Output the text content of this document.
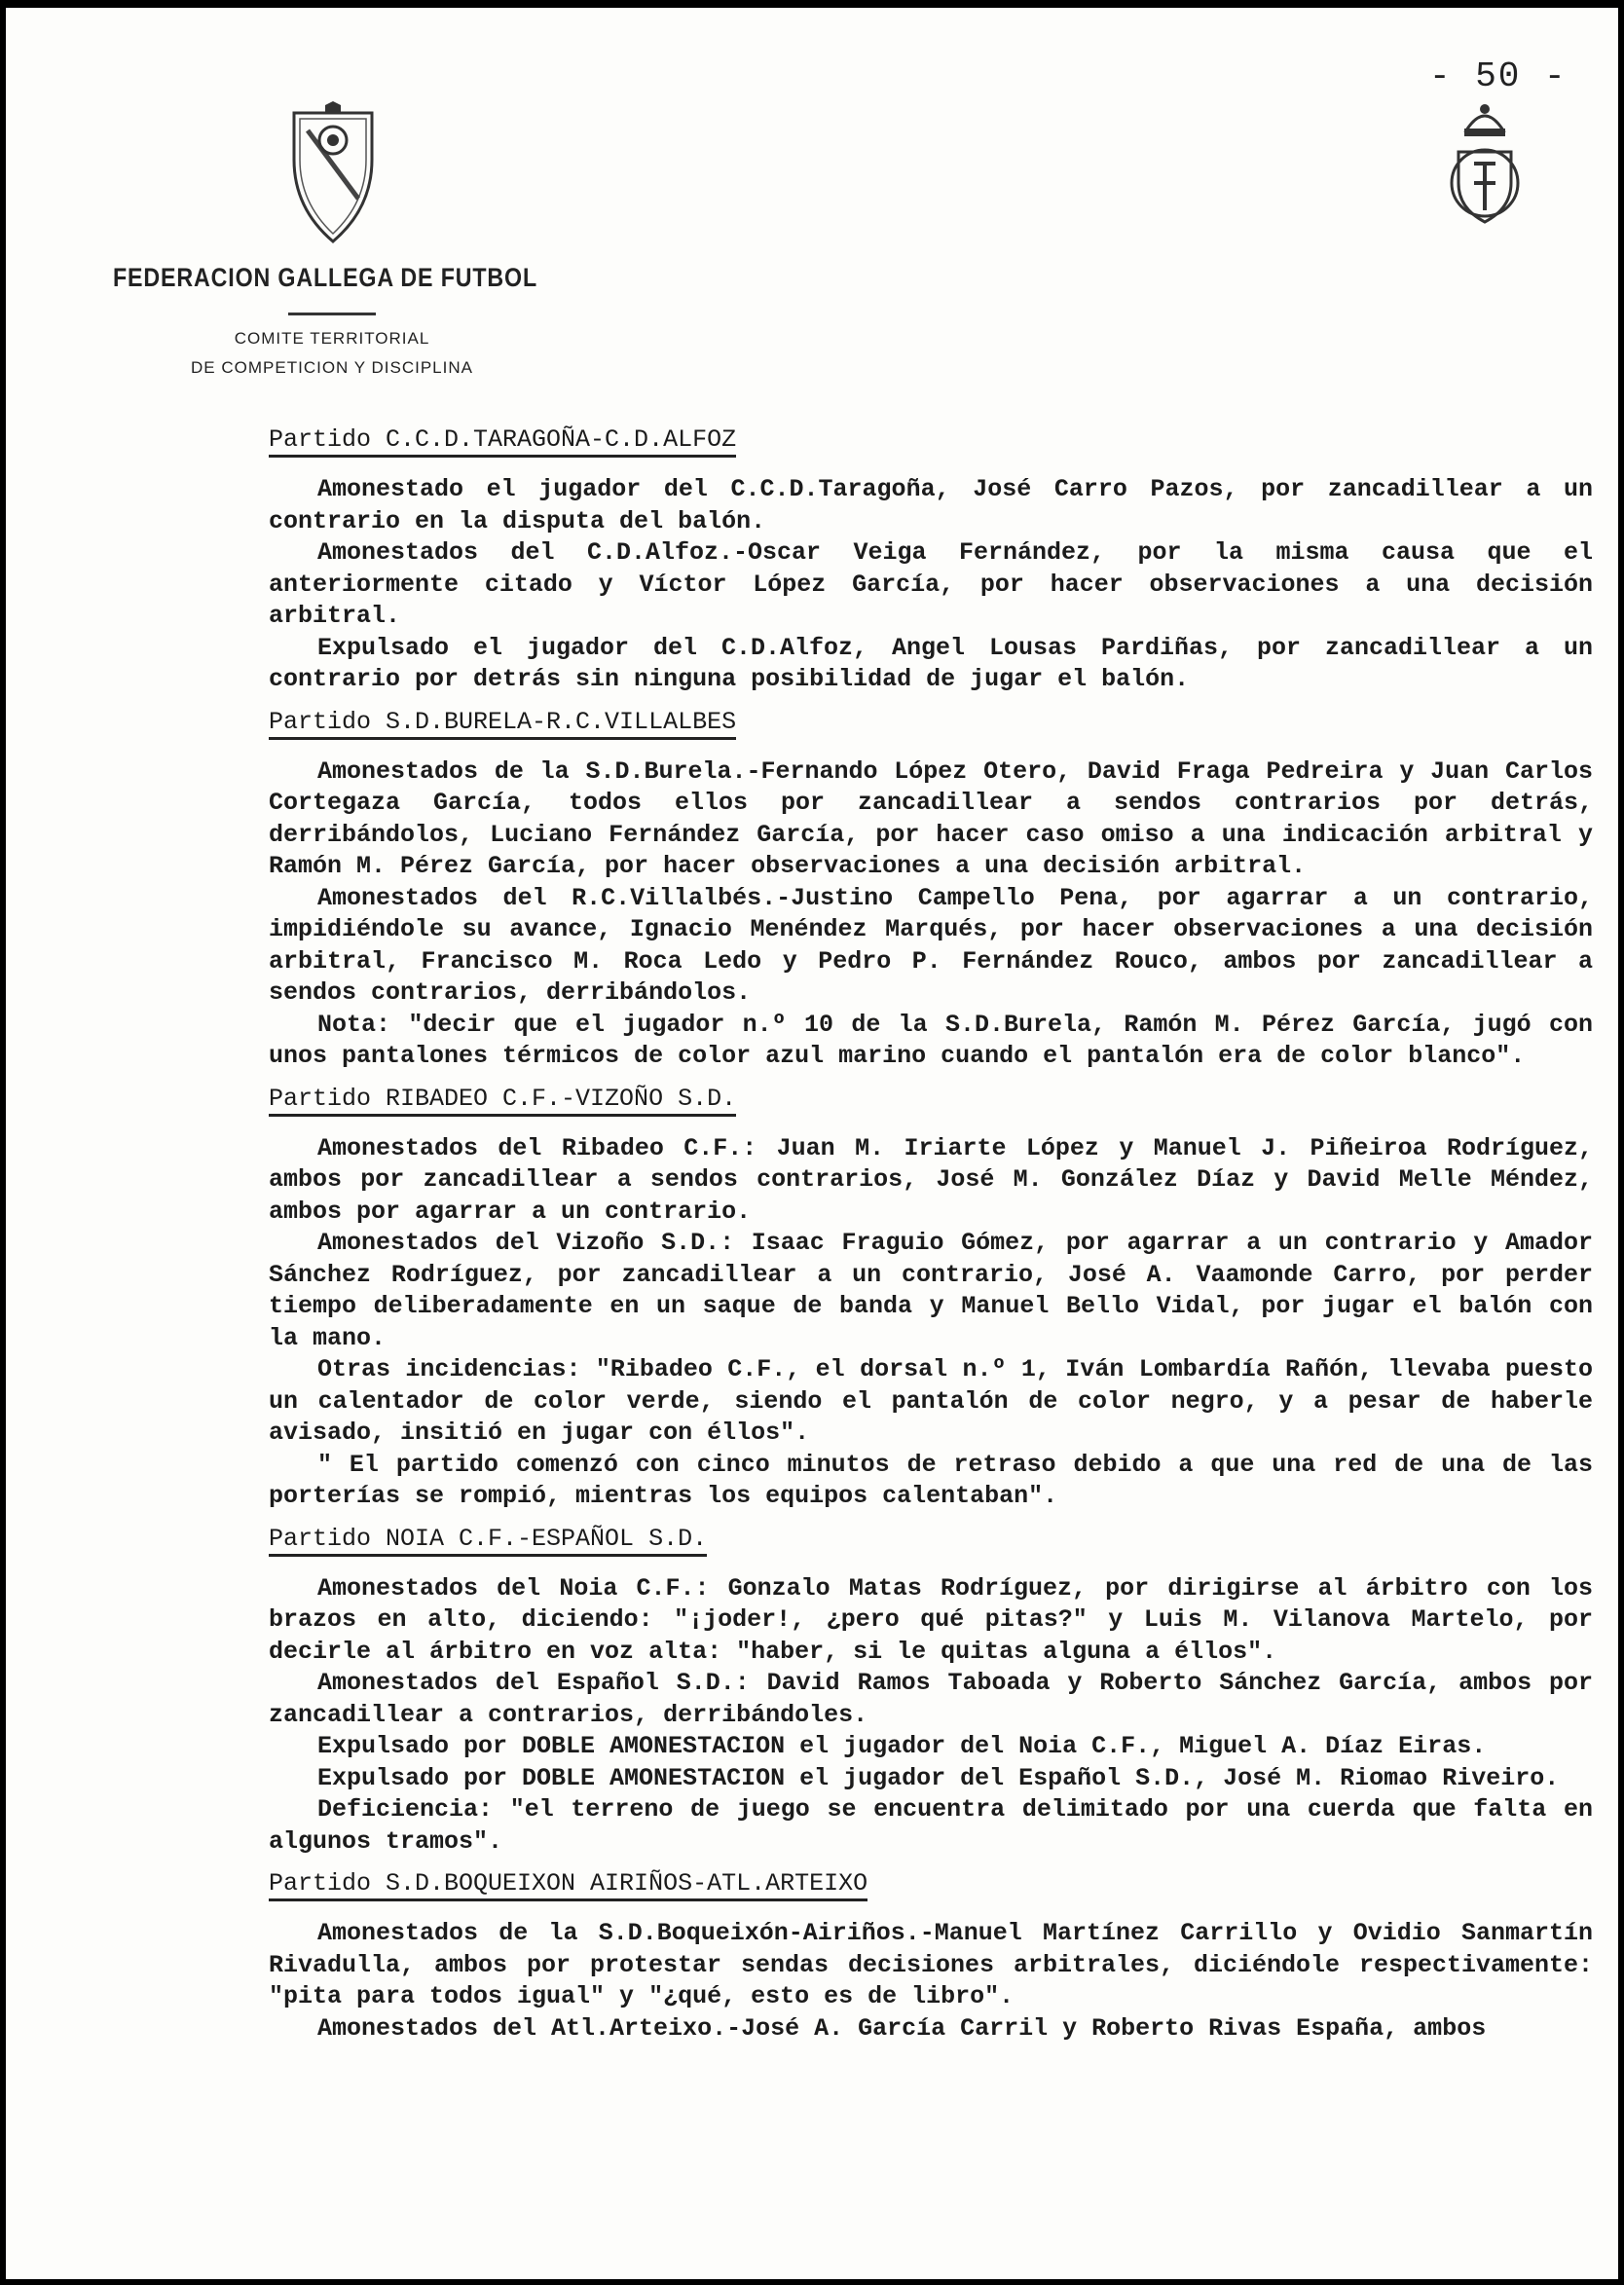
- 50 -
FEDERACION GALLEGA DE FUTBOL
COMITE TERRITORIAL
DE COMPETICION Y DISCIPLINA
Partido C.C.D.TARAGOÑA-C.D.ALFOZ

Amonestado el jugador del C.C.D.Taragoña, José Carro Pazos, por zancadillear a un contrario en la disputa del balón.

Amonestados del C.D.Alfoz.-Oscar Veiga Fernández, por la misma causa que el anteriormente citado y Víctor López García, por hacer observaciones a una decisión arbitral.

Expulsado el jugador del C.D.Alfoz, Angel Lousas Pardiñas, por zancadillear a un contrario por detrás sin ninguna posibilidad de jugar el balón.

Partido S.D.BURELA-R.C.VILLALBES

Amonestados de la S.D.Burela.-Fernando López Otero, David Fraga Pedreira y Juan Carlos Cortegaza García, todos ellos por zancadillear a sendos contrarios por detrás, derribándolos, Luciano Fernández García, por hacer caso omiso a una indicación arbitral y Ramón M. Pérez García, por hacer observaciones a una decisión arbitral.

Amonestados del R.C.Villalbés.-Justino Campello Pena, por agarrar a un contrario, impidiéndole su avance, Ignacio Menéndez Marqués, por hacer observaciones a una decisión arbitral, Francisco M. Roca Ledo y Pedro P. Fernández Rouco, ambos por zancadillear a sendos contrarios, derribándolos.

Nota: "decir que el jugador n.º 10 de la S.D.Burela, Ramón M. Pérez García, jugó con unos pantalones térmicos de color azul marino cuando el pantalón era de color blanco".

Partido RIBADEO C.F.-VIZOÑO S.D.

Amonestados del Ribadeo C.F.: Juan M. Iriarte López y Manuel J. Piñeiroa Rodríguez, ambos por zancadillear a sendos contrarios, José M. González Díaz y David Melle Méndez, ambos por agarrar a un contrario.

Amonestados del Vizoño S.D.: Isaac Fraguio Gómez, por agarrar a un contrario y Amador Sánchez Rodríguez, por zancadillear a un contrario, José A. Vaamonde Carro, por perder tiempo deliberadamente en un saque de banda y Manuel Bello Vidal, por jugar el balón con la mano.

Otras incidencias: "Ribadeo C.F., el dorsal n.º 1, Iván Lombardía Rañón, llevaba puesto un calentador de color verde, siendo el pantalón de color negro, y a pesar de haberle avisado, insitió en jugar con éllos".

" El partido comenzó con cinco minutos de retraso debido a que una red de una de las porterías se rompió, mientras los equipos calentaban".

Partido NOIA C.F.-ESPAÑOL S.D.

Amonestados del Noia C.F.: Gonzalo Matas Rodríguez, por dirigirse al árbitro con los brazos en alto, diciendo: "¡joder!, ¿pero qué pitas?" y Luis M. Vilanova Martelo, por decirle al árbitro en voz alta: "haber, si le quitas alguna a éllos".

Amonestados del Español S.D.: David Ramos Taboada y Roberto Sánchez García, ambos por zancadillear a contrarios, derribándoles.

Expulsado por DOBLE AMONESTACION el jugador del Noia C.F., Miguel A. Díaz Eiras.

Expulsado por DOBLE AMONESTACION el jugador del Español S.D., José M. Riomao Riveiro.

Deficiencia: "el terreno de juego se encuentra delimitado por una cuerda que falta en algunos tramos".

Partido S.D.BOQUEIXON AIRIÑOS-ATL.ARTEIXO

Amonestados de la S.D.Boqueixón-Airiños.-Manuel Martínez Carrillo y Ovidio Sanmartín Rivadulla, ambos por protestar sendas decisiones arbitrales, diciéndole respectivamente: "pita para todos igual" y "¿qué, esto es de libro".

Amonestados del Atl.Arteixo.-José A. García Carril y Roberto Rivas España, ambos
